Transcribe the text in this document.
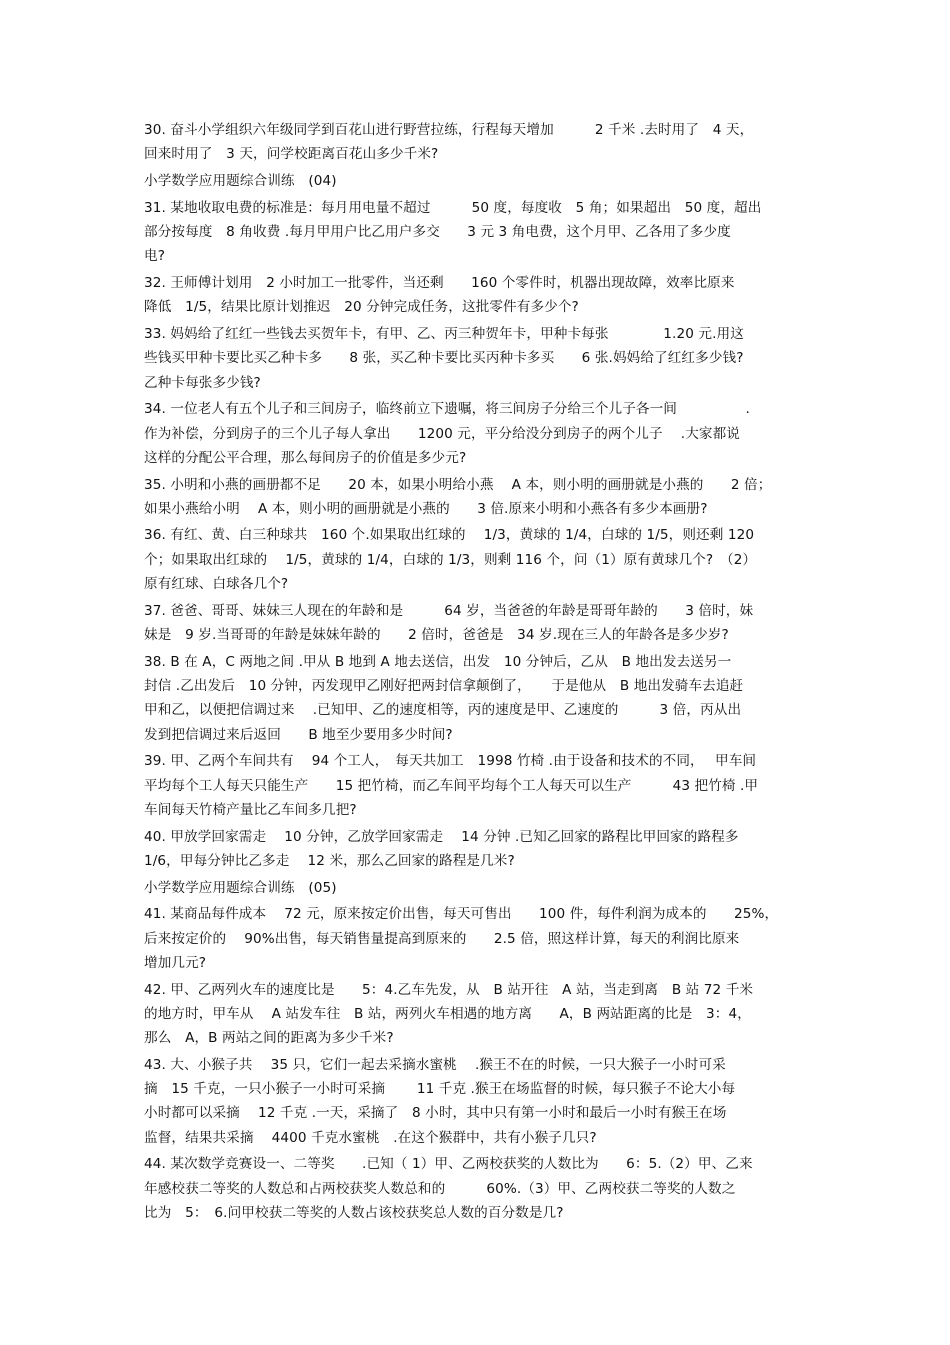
30. 奋斗小学组织六年级同学到百花山进行野营拉练，行程每天增加　　　2 千米 .去时用了　4 天，
回来时用了　3 天，问学校距离百花山多少千米?
小学数学应用题综合训练　(04)
31. 某地收取电费的标准是：每月用电量不超过　　　50 度，每度收　5 角；如果超出　50 度，超出
部分按每度　8 角收费 .每月甲用户比乙用户多交　　3 元 3 角电费，这个月甲、乙各用了多少度
电?
32. 王师傅计划用　2 小时加工一批零件，当还剩　　160 个零件时，机器出现故障，效率比原来
降低　1/5，结果比原计划推迟　20 分钟完成任务，这批零件有多少个?
33. 妈妈给了红红一些钱去买贺年卡，有甲、乙、丙三种贺年卡，甲种卡每张　　　　1.20 元.用这
些钱买甲种卡要比买乙种卡多　　8 张，买乙种卡要比买丙种卡多买　　6 张.妈妈给了红红多少钱?
乙种卡每张多少钱?
34. 一位老人有五个儿子和三间房子，临终前立下遗嘱，将三间房子分给三个儿子各一间　　　　　.
作为补偿，分到房子的三个儿子每人拿出　　1200 元，平分给没分到房子的两个儿子　 .大家都说
这样的分配公平合理，那么每间房子的价值是多少元?
35. 小明和小燕的画册都不足　　20 本，如果小明给小燕　 A 本，则小明的画册就是小燕的　　2 倍；
如果小燕给小明　 A 本，则小明的画册就是小燕的　　3 倍.原来小明和小燕各有多少本画册?
36. 有红、黄、白三种球共　160 个.如果取出红球的　 1/3，黄球的 1/4，白球的 1/5，则还剩 120
个；如果取出红球的　 1/5，黄球的 1/4，白球的 1/3，则剩 116 个，问（1）原有黄球几个?　（2）
原有红球、白球各几个?
37. 爸爸、哥哥、妹妹三人现在的年龄和是　　　64 岁，当爸爸的年龄是哥哥年龄的　　3 倍时，妹
妹是　9 岁.当哥哥的年龄是妹妹年龄的　　2 倍时，爸爸是　34 岁.现在三人的年龄各是多少岁?
38. B 在 A，C 两地之间 .甲从 B 地到 A 地去送信，出发　10 分钟后，乙从　B 地出发去送另一
封信 .乙出发后　10 分钟，丙发现甲乙刚好把两封信拿颠倒了，　　于是他从　B 地出发骑车去追赶
甲和乙，以便把信调过来　 .已知甲、乙的速度相等，丙的速度是甲、乙速度的　　　3 倍，丙从出
发到把信调过来后返回　　B 地至少要用多少时间?
39. 甲、乙两个车间共有　 94 个工人，　每天共加工　1998 竹椅 .由于设备和技术的不同，　 甲车间
平均每个工人每天只能生产　　15 把竹椅，而乙车间平均每个工人每天可以生产　　　43 把竹椅 .甲
车间每天竹椅产量比乙车间多几把?
40. 甲放学回家需走　 10 分钟，乙放学回家需走　 14 分钟 .已知乙回家的路程比甲回家的路程多
1/6，甲每分钟比乙多走　 12 米，那么乙回家的路程是几米?
小学数学应用题综合训练　(05)
41. 某商品每件成本　 72 元，原来按定价出售，每天可售出　　100 件，每件利润为成本的　　25%，
后来按定价的　 90%出售，每天销售量提高到原来的　　2.5 倍，照这样计算，每天的利润比原来
增加几元?
42. 甲、乙两列火车的速度比是　　5：4.乙车先发，从　B 站开往　A 站，当走到离　B 站 72 千米
的地方时，甲车从　 A 站发车往　B 站，两列火车相遇的地方离　　A，B 两站距离的比是　3：4，
那么　A，B 两站之间的距离为多少千米?
43. 大、小猴子共　 35 只，它们一起去采摘水蜜桃　 .猴王不在的时候，一只大猴子一小时可采
摘　15 千克，一只小猴子一小时可采摘　　 11 千克 .猴王在场监督的时候，每只猴子不论大小每
小时都可以采摘　 12 千克 .一天，采摘了　8 小时，其中只有第一小时和最后一小时有猴王在场
监督，结果共采摘　 4400 千克水蜜桃　.在这个猴群中，共有小猴子几只?
44. 某次数学竞赛设一、二等奖　　.已知（ 1）甲、乙两校获奖的人数比为　　6：5.（2）甲、乙来
年感校获二等奖的人数总和占两校获奖人数总和的　　　60%.（3）甲、乙两校获二等奖的人数之
比为　5：　6.问甲校获二等奖的人数占该校获奖总人数的百分数是几?
